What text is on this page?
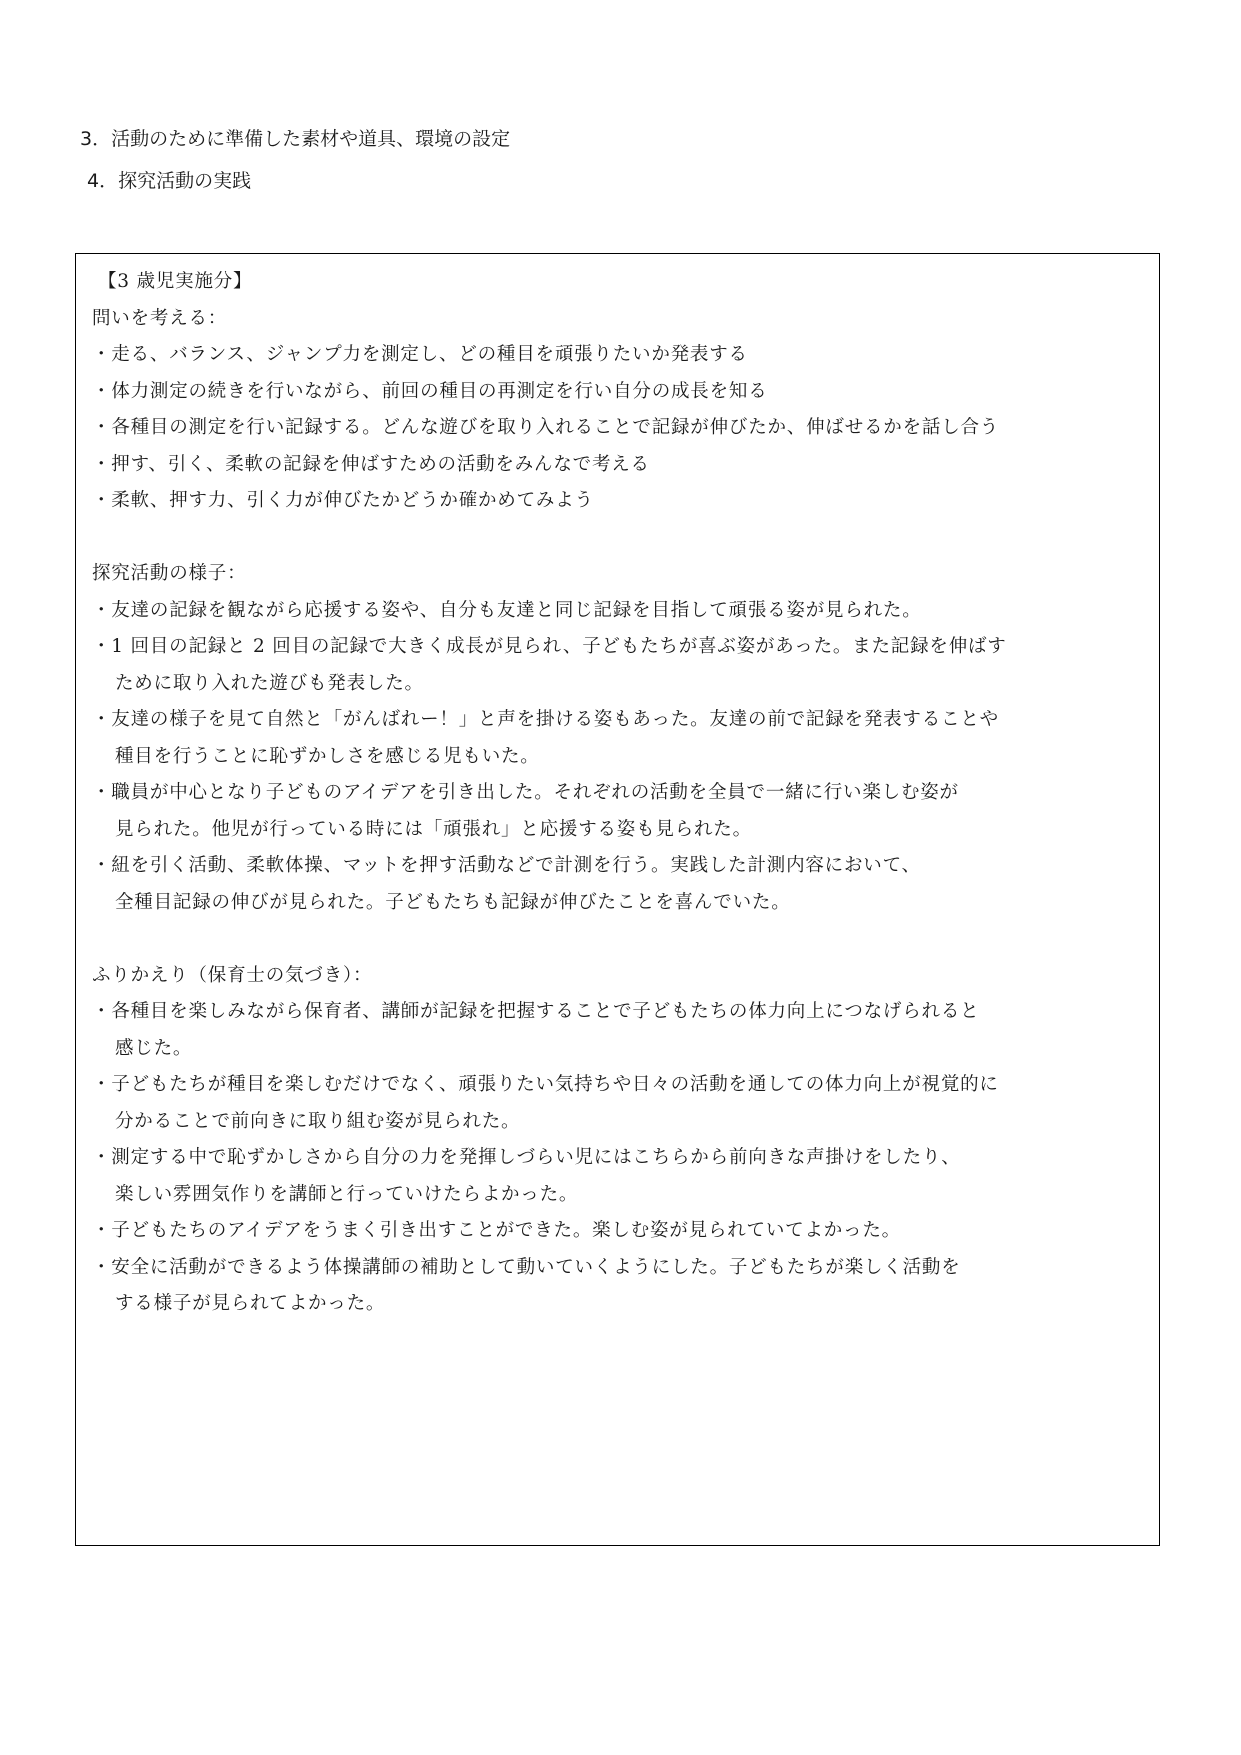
3．活動のために準備した素材や道具、環境の設定
4．探究活動の実践
【3 歳児実施分】
問いを考える：
・走る、バランス、ジャンプ力を測定し、どの種目を頑張りたいか発表する
・体力測定の続きを行いながら、前回の種目の再測定を行い自分の成長を知る
・各種目の測定を行い記録する。どんな遊びを取り入れることで記録が伸びたか、伸ばせるかを話し合う
・押す、引く、柔軟の記録を伸ばすための活動をみんなで考える
・柔軟、押す力、引く力が伸びたかどうか確かめてみよう
探究活動の様子：
・友達の記録を観ながら応援する姿や、自分も友達と同じ記録を目指して頑張る姿が見られた。
・1 回目の記録と 2 回目の記録で大きく成長が見られ、子どもたちが喜ぶ姿があった。また記録を伸ばす
ために取り入れた遊びも発表した。
・友達の様子を見て自然と「がんばれー！」と声を掛ける姿もあった。友達の前で記録を発表することや
種目を行うことに恥ずかしさを感じる児もいた。
・職員が中心となり子どものアイデアを引き出した。それぞれの活動を全員で一緒に行い楽しむ姿が
見られた。他児が行っている時には「頑張れ」と応援する姿も見られた。
・紐を引く活動、柔軟体操、マットを押す活動などで計測を行う。実践した計測内容において、
全種目記録の伸びが見られた。子どもたちも記録が伸びたことを喜んでいた。
ふりかえり（保育士の気づき）：
・各種目を楽しみながら保育者、講師が記録を把握することで子どもたちの体力向上につなげられると
感じた。
・子どもたちが種目を楽しむだけでなく、頑張りたい気持ちや日々の活動を通しての体力向上が視覚的に
分かることで前向きに取り組む姿が見られた。
・測定する中で恥ずかしさから自分の力を発揮しづらい児にはこちらから前向きな声掛けをしたり、
楽しい雰囲気作りを講師と行っていけたらよかった。
・子どもたちのアイデアをうまく引き出すことができた。楽しむ姿が見られていてよかった。
・安全に活動ができるよう体操講師の補助として動いていくようにした。子どもたちが楽しく活動を
する様子が見られてよかった。
